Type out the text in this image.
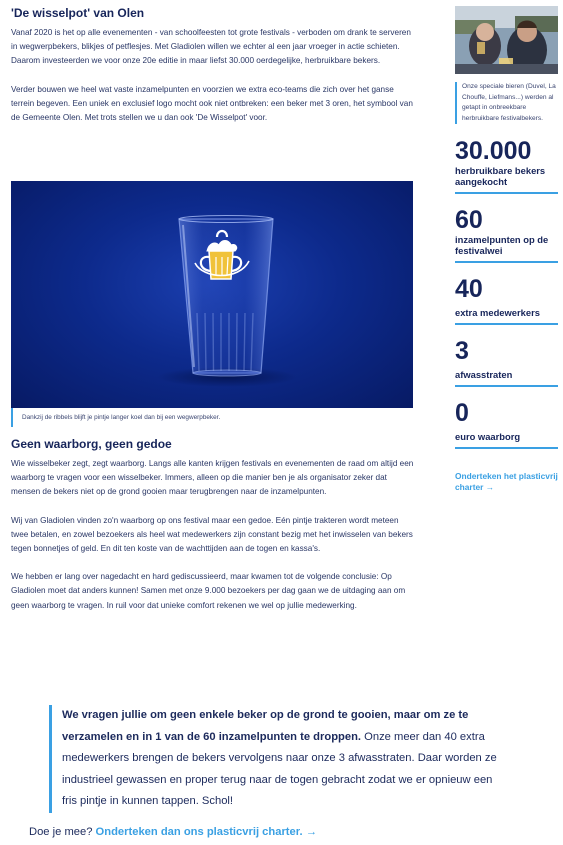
'De wisselpot' van Olen

Vanaf 2020 is het op alle evenementen - van schoolfeesten tot grote festivals - verboden om drank te serveren in wegwerpbekers, blikjes of petflesjes. Met Gladiolen willen we echter al een jaar vroeger in actie schieten. Daarom investeerden we voor onze 20e editie in maar liefst 30.000 oerdegelijke, herbruikbare bekers.

Verder bouwen we heel wat vaste inzamelpunten en voorzien we extra eco-teams die zich over het ganse terrein begeven. Een uniek en exclusief logo mocht ook niet ontbreken: een beker met 3 oren, het symbool van de Gemeente Olen. Met trots stellen we u dan ook 'De Wisselpot' voor.

Dankzij de ribbels blijft je pintje langer koel dan bij een wegwerpbeker.
Geen waarborg, geen gedoe

Wie wisselbeker zegt, zegt waarborg. Langs alle kanten krijgen festivals en evenementen de raad om altijd een waarborg te vragen voor een wisselbeker. Immers, alleen op die manier ben je als organisator zeker dat mensen de bekers niet op de grond gooien maar terugbrengen naar de inzamelpunten.

Wij van Gladiolen vinden zo'n waarborg op ons festival maar een gedoe. Eén pintje trakteren wordt meteen twee betalen, en zowel bezoekers als heel wat medewerkers zijn constant bezig met het inwisselen van bekers tegen bonnetjes of geld. En dit ten koste van de wachttijden aan de togen en kassa's.

We hebben er lang over nagedacht en hard gediscussieerd, maar kwamen tot de volgende conclusie: Op Gladiolen moet dat anders kunnen! Samen met onze 9.000 bezoekers per dag gaan we de uitdaging aan om geen waarborg te vragen. In ruil voor dat unieke comfort rekenen we wel op jullie medewerking.

We vragen jullie om geen enkele beker op de grond te gooien, maar om ze te verzamelen en in 1 van de 60 inzamelpunten te droppen. Onze meer dan 40 extra medewerkers brengen de bekers vervolgens naar onze 3 afwasstraten. Daar worden ze industrieel gewassen en proper terug naar de togen gebracht zodat we er opnieuw een fris pintje in kunnen tappen. Schol!
Doe je mee? Onderteken dan ons plasticvrij charter. →
Onze speciale bieren (Duvel, La Chouffe, Liefmans...) werden al getapt in onbreekbare herbruikbare festivalbekers.
30.000
herbruikbare bekers aangekocht
60
inzamelpunten op de festivalwei
40
extra medewerkers
3
afwasstraten
0
euro waarborg
Onderteken het plasticvrij charter →
